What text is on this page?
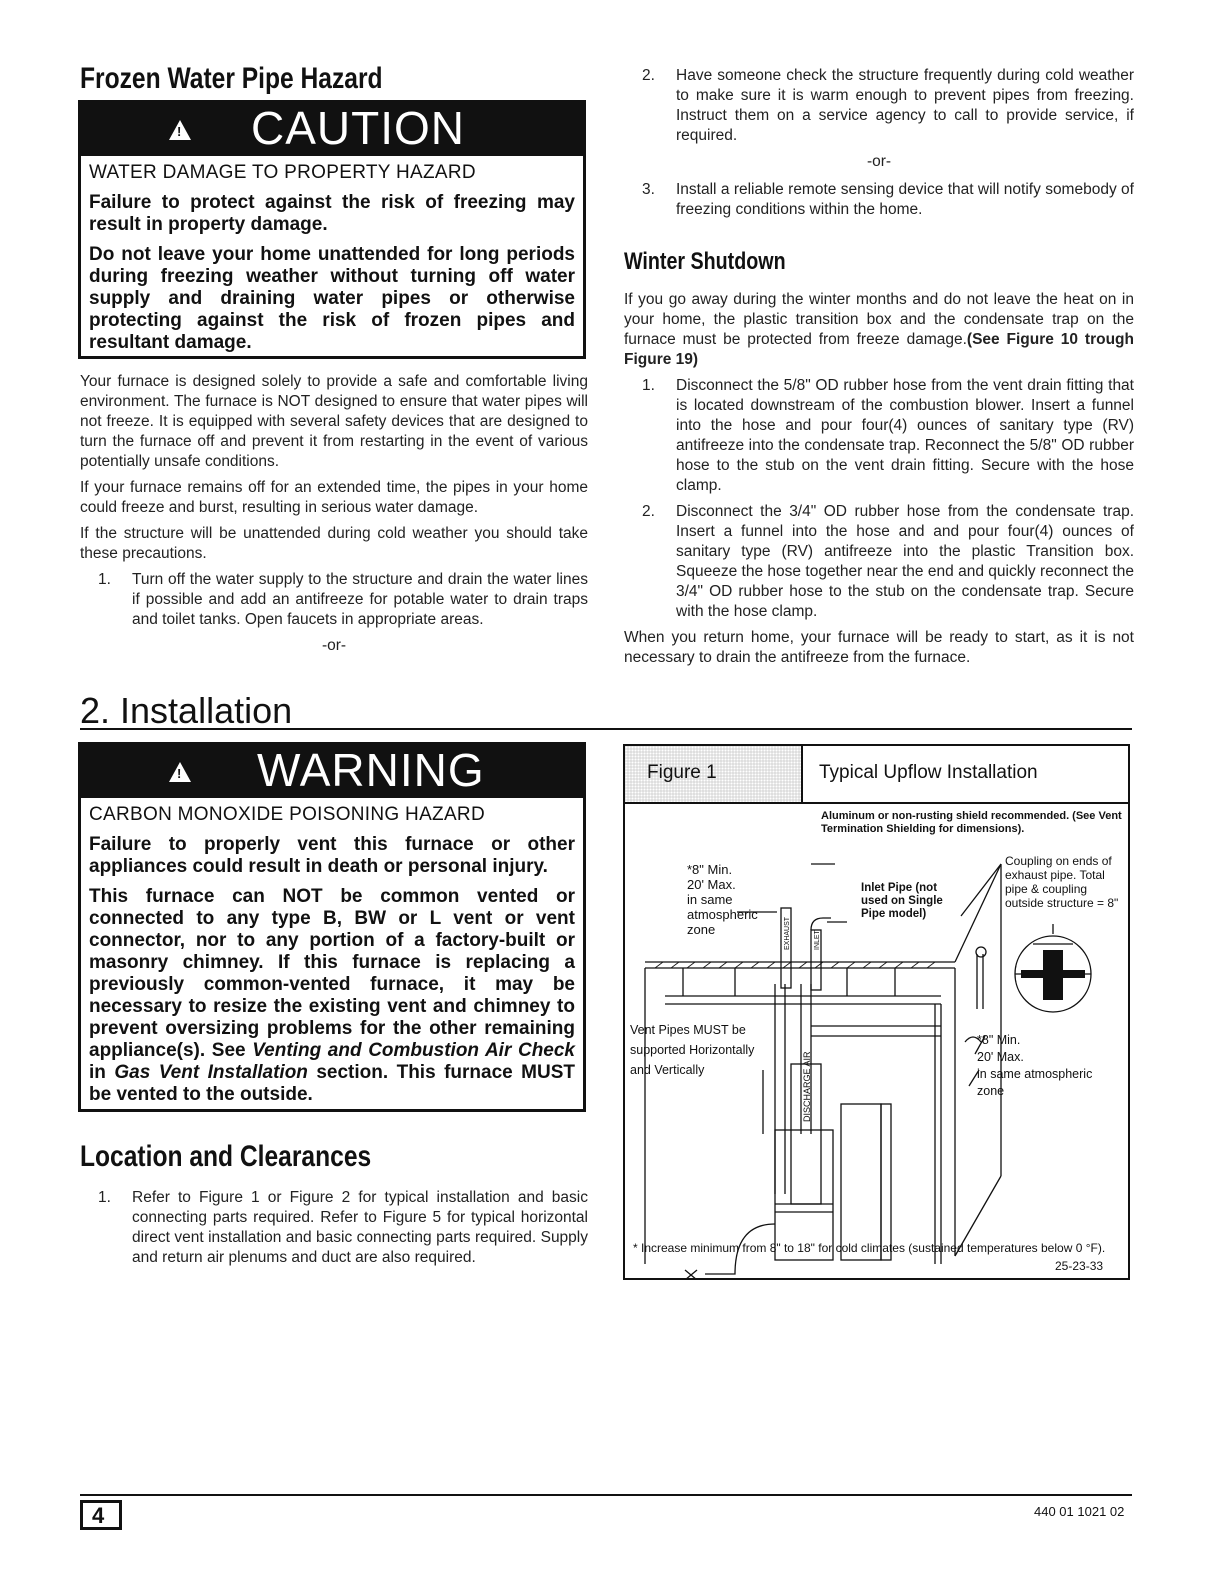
Frozen Water Pipe Hazard
!
CAUTION
WATER DAMAGE TO PROPERTY HAZARD

Failure to protect against the risk of freezing may result in property damage.

Do not leave your home unattended for long periods during freezing weather without turning off water supply and draining water pipes or otherwise protecting against the risk of frozen pipes and resultant damage.

Your furnace is designed solely to provide a safe and comfortable living environment. The furnace is NOT designed to ensure that water pipes will not freeze. It is equipped with several safety devices that are designed to turn the furnace off and prevent it from restarting in the event of various potentially unsafe conditions.

If your furnace remains off for an extended time, the pipes in your home could freeze and burst, resulting in serious water damage.

If the structure will be unattended during cold weather you should take these precautions.

1. Turn off the water supply to the structure and drain the water lines if possible and add an antifreeze for potable water to drain traps and toilet tanks. Open faucets in appropriate areas.
-or-
2. Have someone check the structure frequently during cold weather to make sure it is warm enough to prevent pipes from freezing. Instruct them on a service agency to call to provide service, if required.
-or-
3. Install a reliable remote sensing device that will notify somebody of freezing conditions within the home.
Winter Shutdown

If you go away during the winter months and do not leave the heat on in your home, the plastic transition box and the condensate trap on the furnace must be protected from freeze damage.(See Figure 10 trough Figure 19)

1. Disconnect the 5/8" OD rubber hose from the vent drain fitting that is located downstream of the combustion blower. Insert a funnel into the hose and pour four(4) ounces of sanitary type (RV) antifreeze into the condensate trap. Reconnect the 5/8" OD rubber hose to the stub on the vent drain fitting. Secure with the hose clamp.
2. Disconnect the 3/4" OD rubber hose from the condensate trap. Insert a funnel into the hose and and pour four(4) ounces of sanitary type (RV) antifreeze into the plastic Transition box. Squeeze the hose together near the end and quickly reconnect the 3/4" OD rubber hose to the stub on the condensate trap. Secure with the hose clamp.

When you return home, your furnace will be ready to start, as it is not necessary to drain the antifreeze from the furnace.

2. Installation
!
WARNING
CARBON MONOXIDE POISONING HAZARD

Failure to properly vent this furnace or other appliances could result in death or personal injury.

This furnace can NOT be common vented or connected to any type B, BW or L vent or vent connector, nor to any portion of a factory-built or masonry chimney. If this furnace is replacing a previously common-vented furnace, it may be necessary to resize the existing vent and chimney to prevent oversizing problems for the other remaining appliance(s). See Venting and Combustion Air Check in Gas Vent Installation section. This furnace MUST be vented to the outside.

Location and Clearances
1. Refer to Figure 1 or Figure 2 for typical installation and basic connecting parts required. Refer to Figure 5 for typical horizontal direct vent installation and basic connecting parts required. Supply and return air plenums and duct are also required.
Figure 1	Typical Upflow Installation
EXHAUST	INLET
DISCHARGE AIR
Aluminum or non-rusting shield recommended. (See Vent Termination Shielding for dimensions).
*8" Min.
20' Max.
in same
atmospheric
zone
Inlet Pipe (not used on Single Pipe model)
Coupling on ends of exhaust pipe. Total pipe & coupling outside structure = 8"
Vent Pipes MUST be supported Horizontally and Vertically
*8" Min.
20' Max.
in same atmospheric
zone
* Increase minimum from 8" to 18" for cold climates (sustained temperatures below 0 °F).
25-23-33
4	440 01 1021 02
